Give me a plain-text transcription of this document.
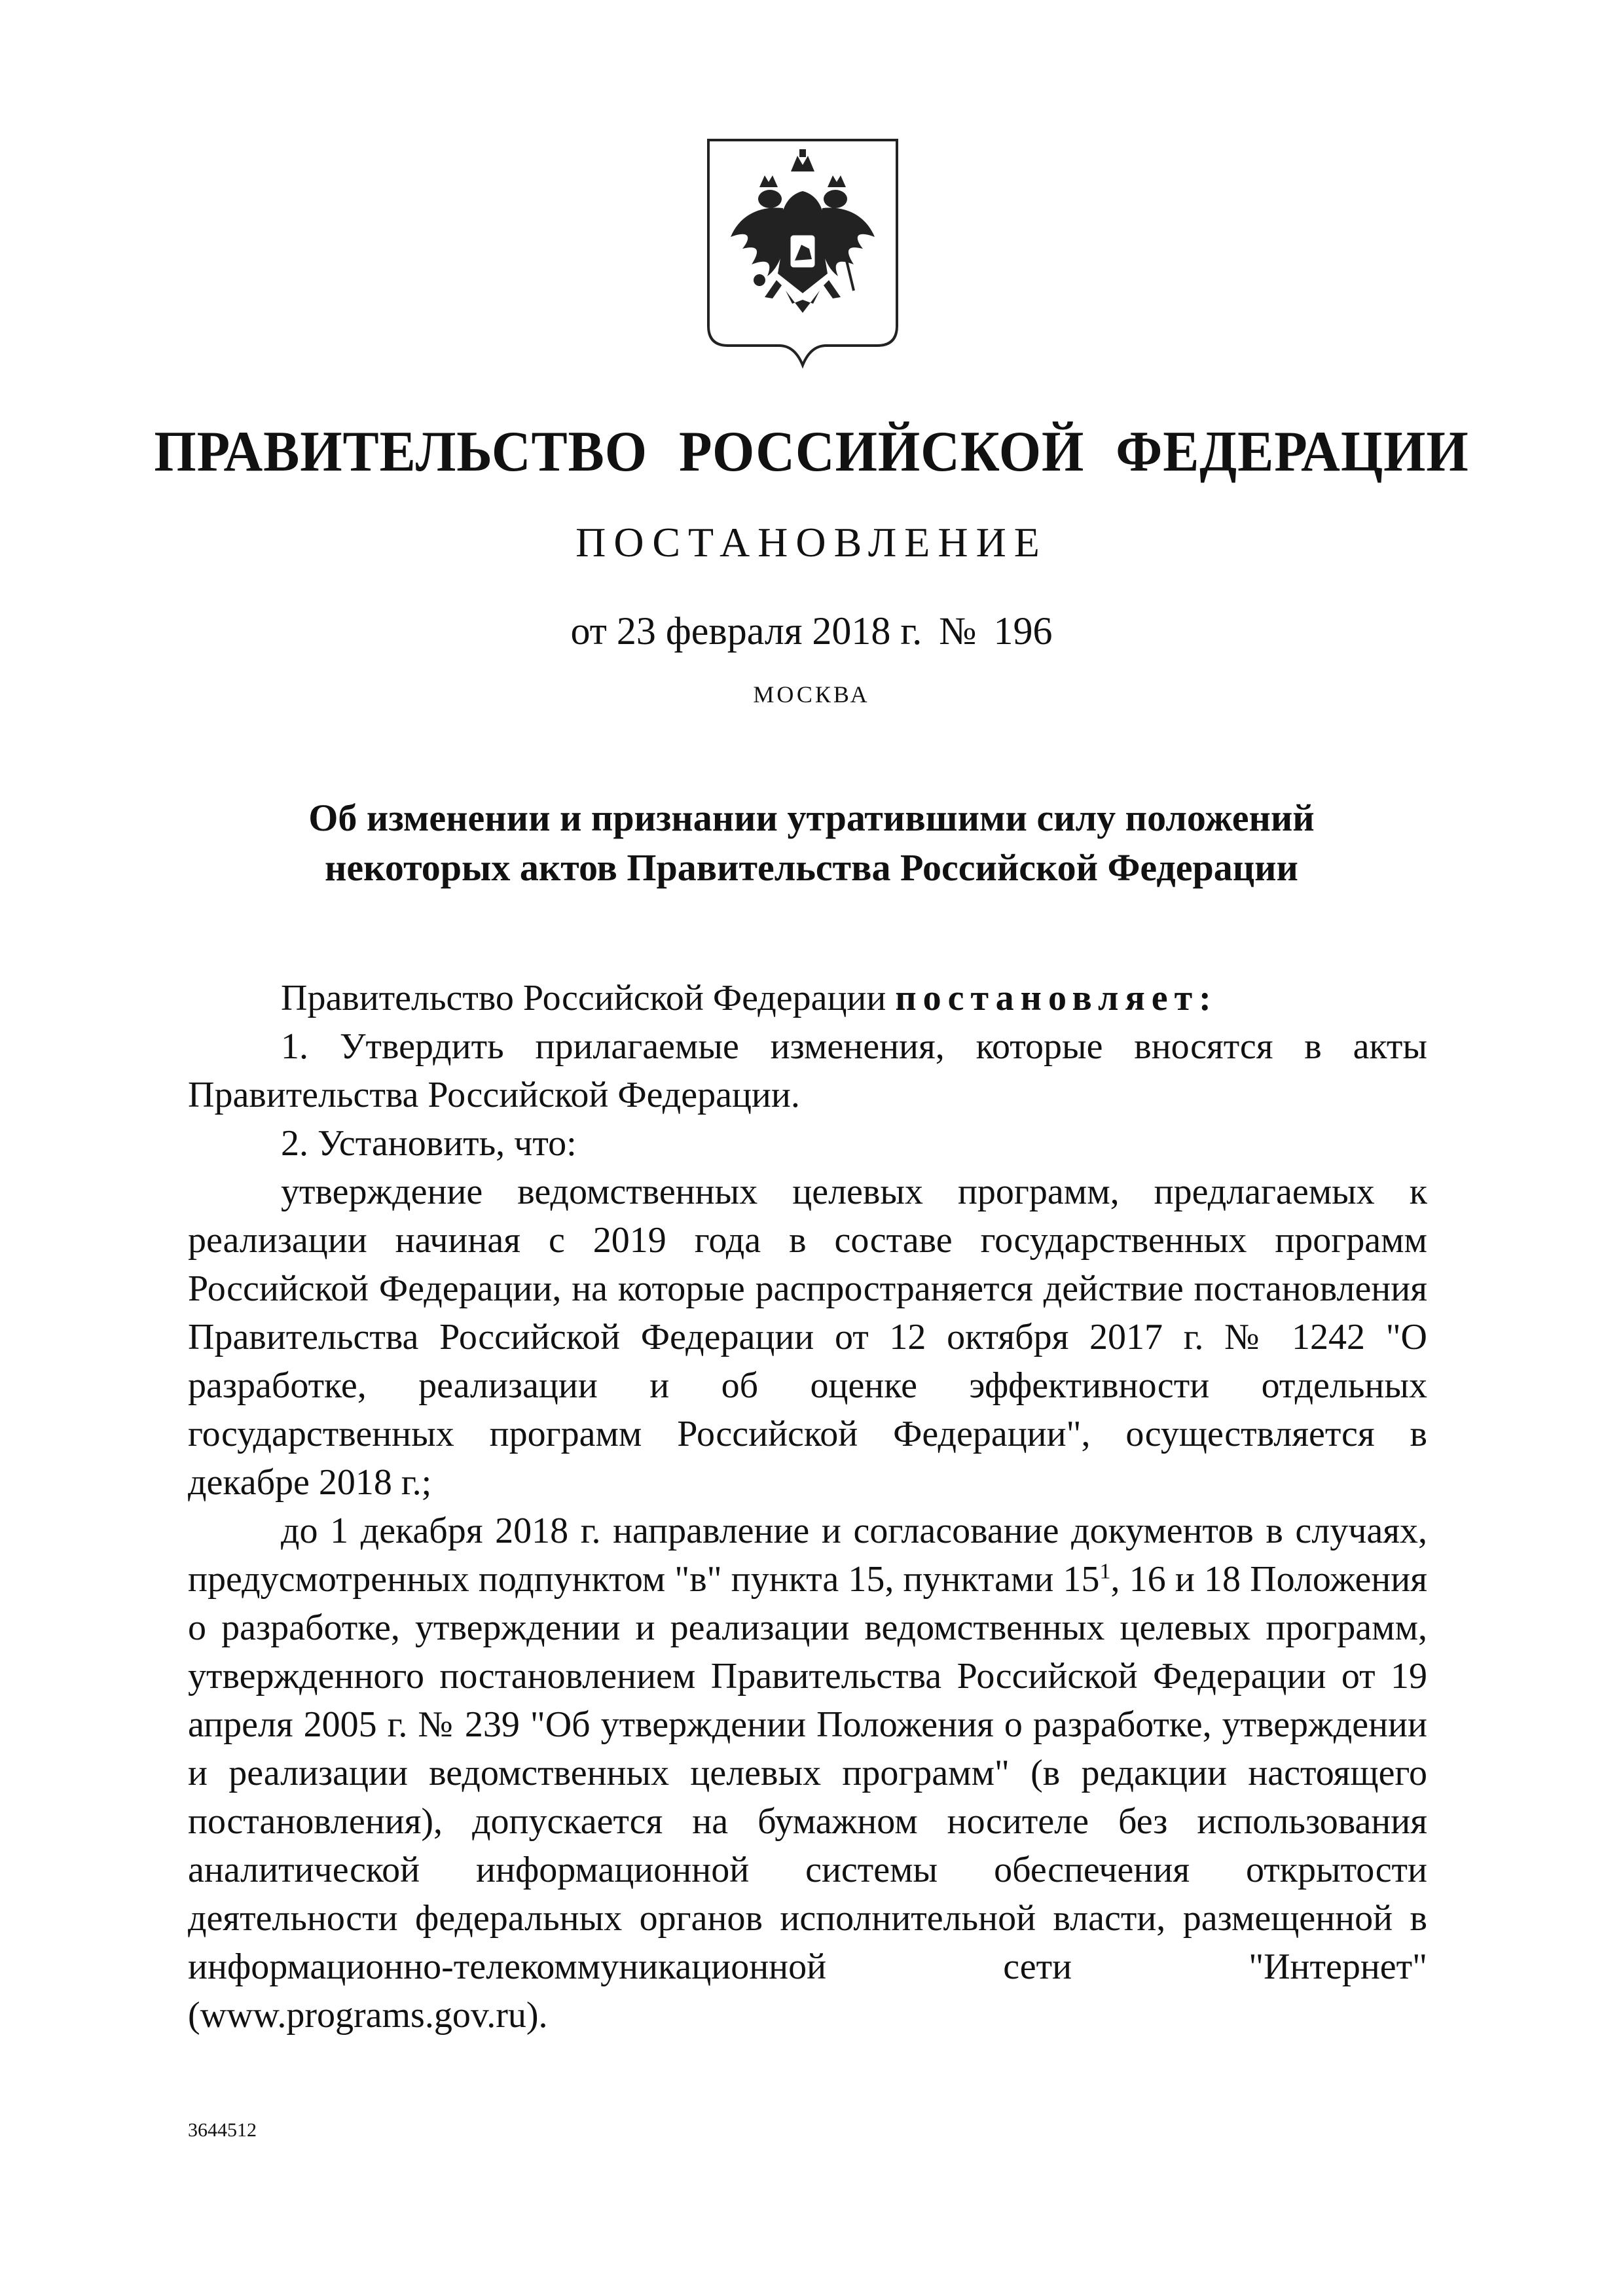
ПРАВИТЕЛЬСТВО РОССИЙСКОЙ ФЕДЕРАЦИИ
ПОСТАНОВЛЕНИЕ
от 23 февраля 2018 г. № 196
МОСКВА
Об изменении и признании утратившими силу положений
некоторых актов Правительства Российской Федерации

Правительство Российской Федерации постановляет:

1. Утвердить прилагаемые изменения, которые вносятся в акты Правительства Российской Федерации.

2. Установить, что:

утверждение ведомственных целевых программ, предлагаемых к реализации начиная с 2019 года в составе государственных программ Российской Федерации, на которые распространяется действие постановления Правительства Российской Федерации от 12 октября 2017 г. № 1242 "О разработке, реализации и об оценке эффективности отдельных государственных программ Российской Федерации", осуществляется в декабре 2018 г.;

до 1 декабря 2018 г. направление и согласование документов в случаях, предусмотренных подпунктом "в" пункта 15, пунктами $15^1$, 16 и 18 Положения о разработке, утверждении и реализации ведомственных целевых программ, утвержденного постановлением Правительства Российской Федерации от 19 апреля 2005 г. № 239 "Об утверждении Положения о разработке, утверждении и реализации ведомственных целевых программ" (в редакции настоящего постановления), допускается на бумажном носителе без использования аналитической информационной системы обеспечения открытости деятельности федеральных органов исполнительной власти, размещенной в информационно-телекоммуникационной сети "Интернет" (www.programs.gov.ru).

3644512
